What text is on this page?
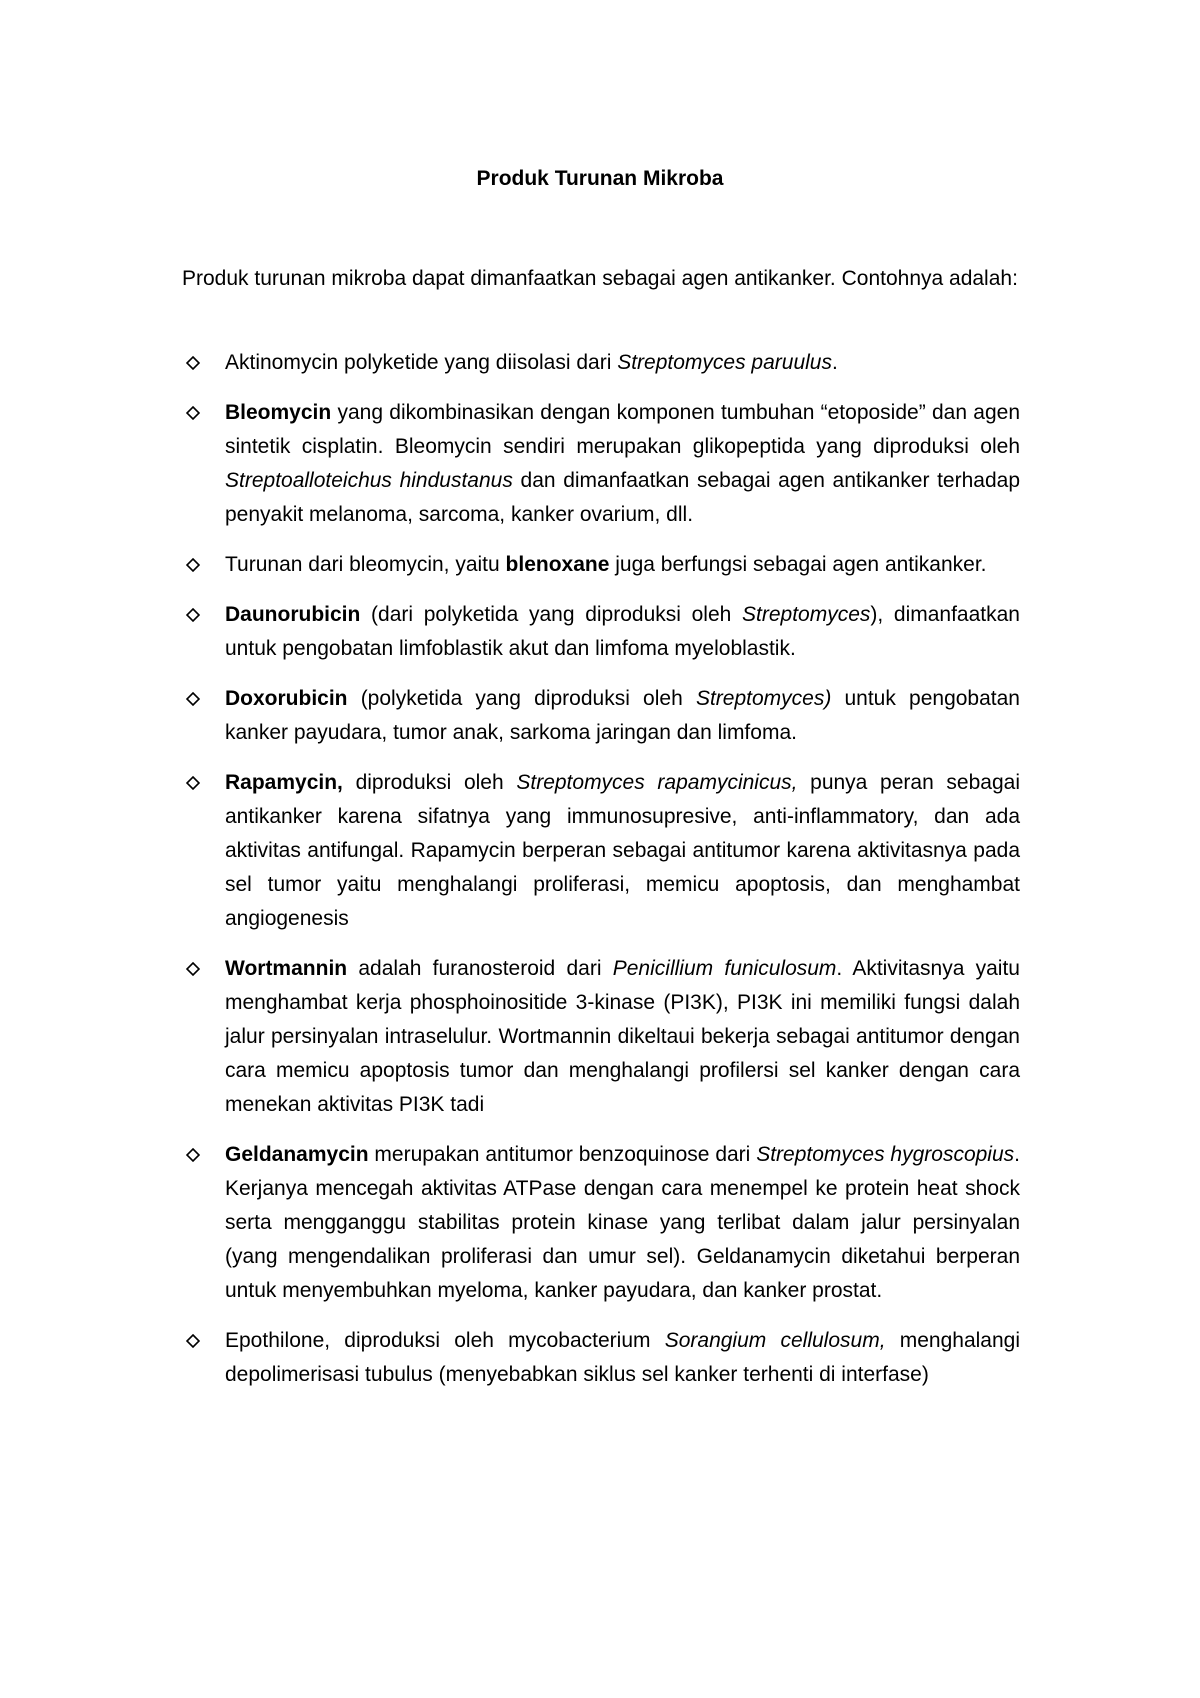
Produk Turunan Mikroba

Produk turunan mikroba dapat dimanfaatkan sebagai agen antikanker. Contohnya adalah:

Aktinomycin polyketide yang diisolasi dari Streptomyces paruulus.
Bleomycin yang dikombinasikan dengan komponen tumbuhan “etoposide” dan agen sintetik cisplatin. Bleomycin sendiri merupakan glikopeptida yang diproduksi oleh Streptoalloteichus hindustanus dan dimanfaatkan sebagai agen antikanker terhadap penyakit melanoma, sarcoma, kanker ovarium, dll.
Turunan dari bleomycin, yaitu blenoxane juga berfungsi sebagai agen antikanker.
Daunorubicin (dari polyketida yang diproduksi oleh Streptomyces), dimanfaatkan untuk pengobatan limfoblastik akut dan limfoma myeloblastik.
Doxorubicin (polyketida yang diproduksi oleh Streptomyces) untuk pengobatan kanker payudara, tumor anak, sarkoma jaringan dan limfoma.
Rapamycin, diproduksi oleh Streptomyces rapamycinicus, punya peran sebagai antikanker karena sifatnya yang immunosupresive, anti-inflammatory, dan ada aktivitas antifungal. Rapamycin berperan sebagai antitumor karena aktivitasnya pada sel tumor yaitu menghalangi proliferasi, memicu apoptosis, dan menghambat angiogenesis
Wortmannin adalah furanosteroid dari Penicillium funiculosum. Aktivitasnya yaitu menghambat kerja phosphoinositide 3-kinase (PI3K), PI3K ini memiliki fungsi dalah jalur persinyalan intraselulur. Wortmannin dikeltaui bekerja sebagai antitumor dengan cara memicu apoptosis tumor dan menghalangi profilersi sel kanker dengan cara menekan aktivitas PI3K tadi
Geldanamycin merupakan antitumor benzoquinose dari Streptomyces hygroscopius. Kerjanya mencegah aktivitas ATPase dengan cara menempel ke protein heat shock serta mengganggu stabilitas protein kinase yang terlibat dalam jalur persinyalan (yang mengendalikan proliferasi dan umur sel). Geldanamycin diketahui berperan untuk menyembuhkan myeloma, kanker payudara, dan kanker prostat.
Epothilone, diproduksi oleh mycobacterium Sorangium cellulosum, menghalangi depolimerisasi tubulus (menyebabkan siklus sel kanker terhenti di interfase)
